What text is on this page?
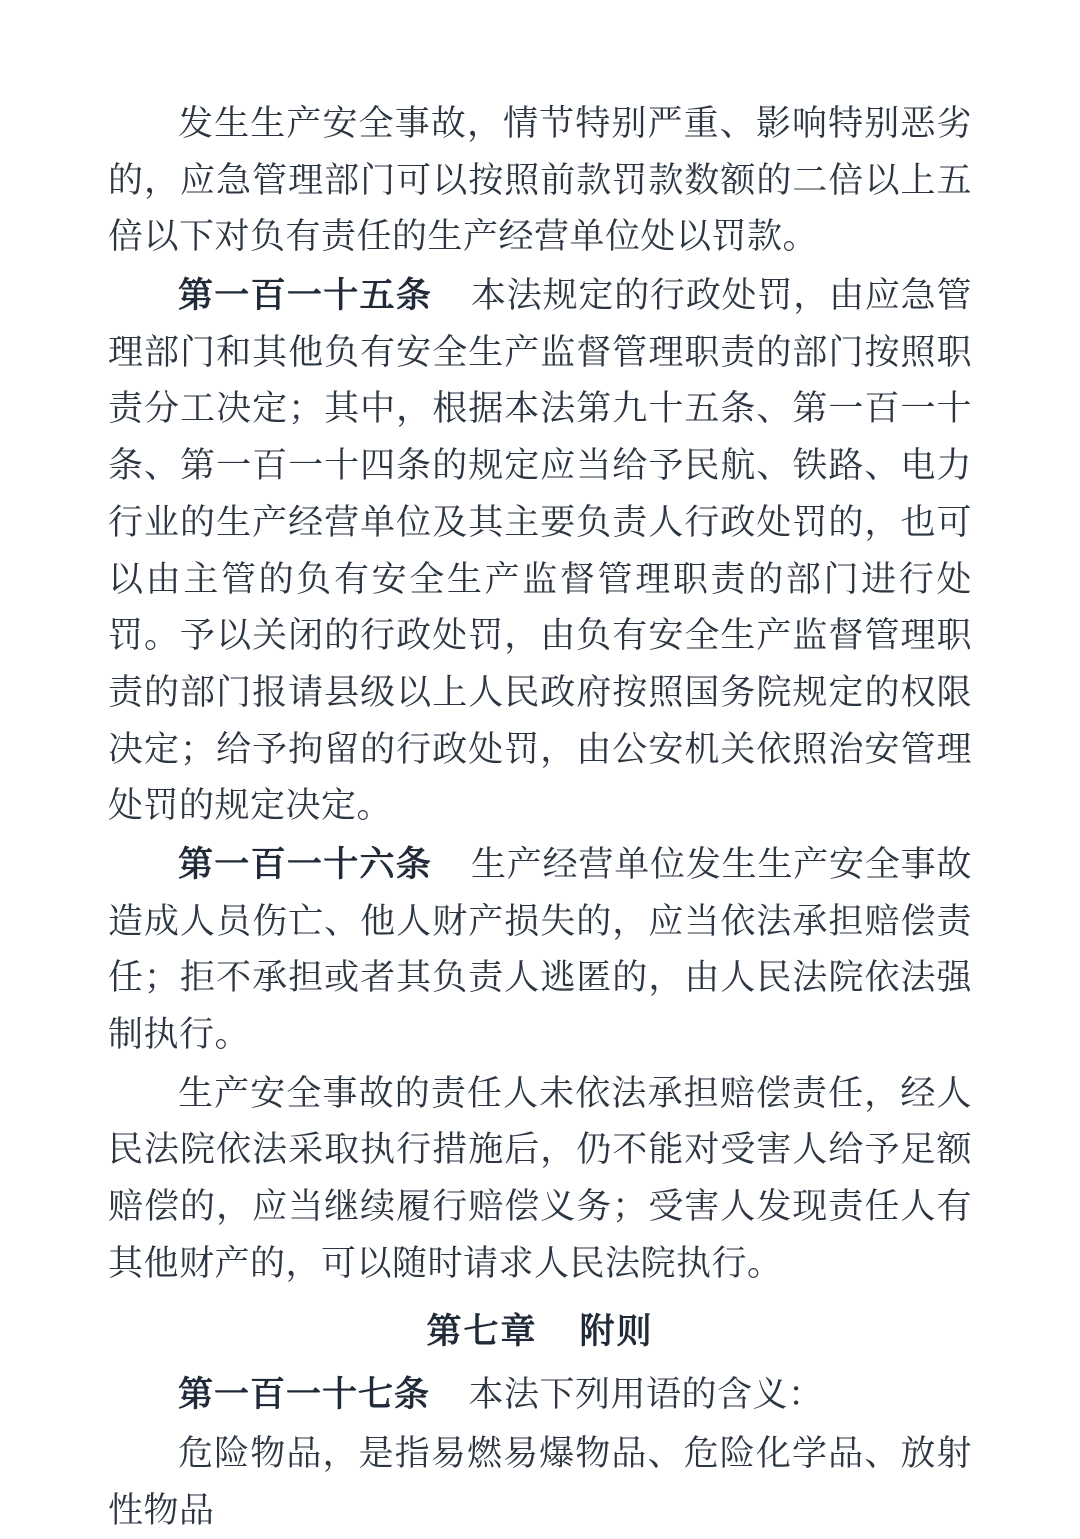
发生生产安全事故，情节特别严重、影响特别恶劣的，应急管理部门可以按照前款罚款数额的二倍以上五倍以下对负有责任的生产经营单位处以罚款。

第一百一十五条 本法规定的行政处罚，由应急管理部门和其他负有安全生产监督管理职责的部门按照职责分工决定；其中，根据本法第九十五条、第一百一十条、第一百一十四条的规定应当给予民航、铁路、电力行业的生产经营单位及其主要负责人行政处罚的，也可以由主管的负有安全生产监督管理职责的部门进行处罚。予以关闭的行政处罚，由负有安全生产监督管理职责的部门报请县级以上人民政府按照国务院规定的权限决定；给予拘留的行政处罚，由公安机关依照治安管理处罚的规定决定。

第一百一十六条 生产经营单位发生生产安全事故造成人员伤亡、他人财产损失的，应当依法承担赔偿责任；拒不承担或者其负责人逃匿的，由人民法院依法强制执行。

生产安全事故的责任人未依法承担赔偿责任，经人民法院依法采取执行措施后，仍不能对受害人给予足额赔偿的，应当继续履行赔偿义务；受害人发现责任人有其他财产的，可以随时请求人民法院执行。

第七章 附则

第一百一十七条 本法下列用语的含义：

危险物品，是指易燃易爆物品、危险化学品、放射性物品
